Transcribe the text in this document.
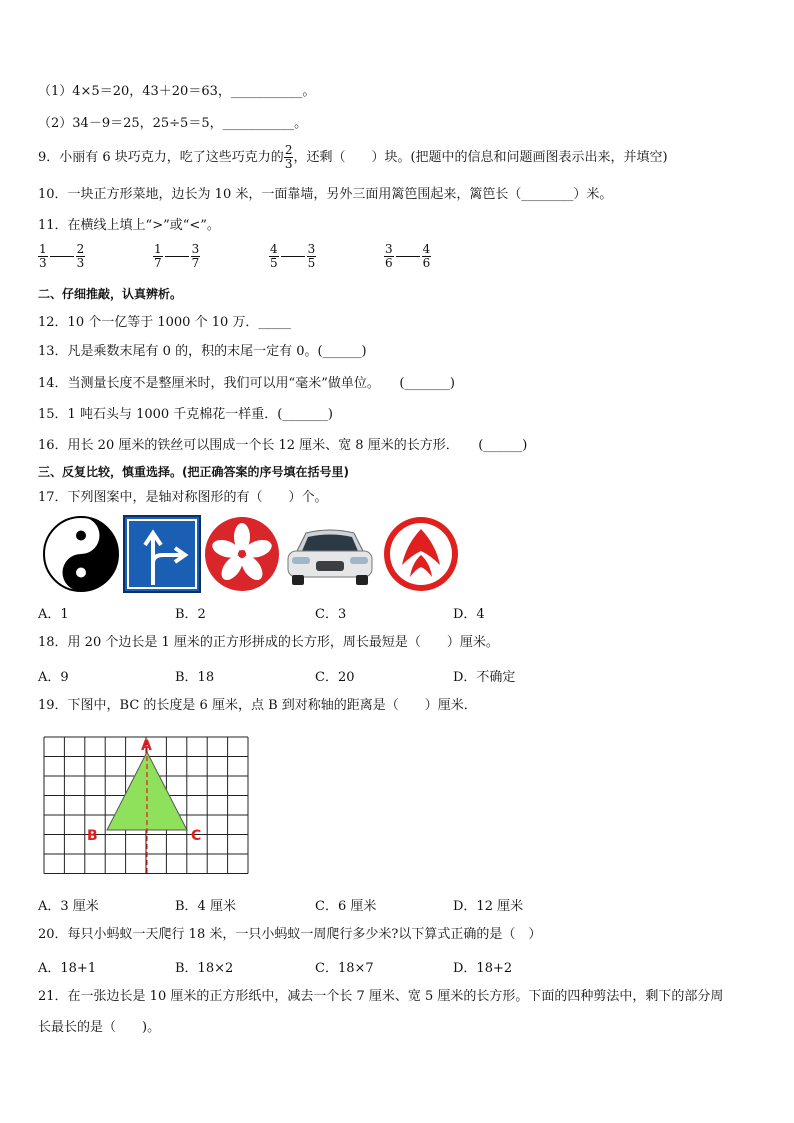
（1）4×5＝20，43＋20＝63，___________。
（2）34－9＝25，25÷5＝5，___________。
9．小丽有 6 块巧克力，吃了这些巧克力的 $\frac{2}{3}$ ，还剩（　　）块。(把题中的信息和问题画图表示出来，并填空)
10．一块正方形菜地，边长为 10 米，一面靠墙，另外三面用篱笆围起来，篱笆长（________）米。
11．在横线上填上“>”或“<”。
$\frac{1}{3} \frac{2}{3}$	$\frac{1}{7} \frac{3}{7}$	$\frac{4}{5} \frac{3}{5}$	$\frac{3}{6} \frac{4}{6}$
二、仔细推敲，认真辨析。
12．10 个一亿等于 1000 个 10 万．_____
13．凡是乘数末尾有 0 的，积的末尾一定有 0。(______)
14．当测量长度不是整厘米时，我们可以用“毫米”做单位。　　(_______)
15．1 吨石头与 1000 千克棉花一样重．(_______)
16．用长 20 厘米的铁丝可以围成一个长 12 厘米、宽 8 厘米的长方形．　　(______)
三、反复比较，慎重选择。(把正确答案的序号填在括号里)
17．下列图案中，是轴对称图形的有（　　）个。
A．1	B．2	C．3	D．4
18．用 20 个边长是 1 厘米的正方形拼成的长方形，周长最短是（　　）厘米。
A．9	B．18	C．20	D．不确定
19．下图中，BC 的长度是 6 厘米，点 B 到对称轴的距离是（　　）厘米．
A
B	C
A．3 厘米	B．4 厘米	C．6 厘米	D．12 厘米
20．每只小蚂蚁一天爬行 18 米，一只小蚂蚁一周爬行多少米?以下算式正确的是（　）
A．18+1	B．18×2	C．18×7	D．18+2
21．在一张边长是 10 厘米的正方形纸中，减去一个长 7 厘米、宽 5 厘米的长方形。下面的四种剪法中，剩下的部分周
长最长的是（　　)。
